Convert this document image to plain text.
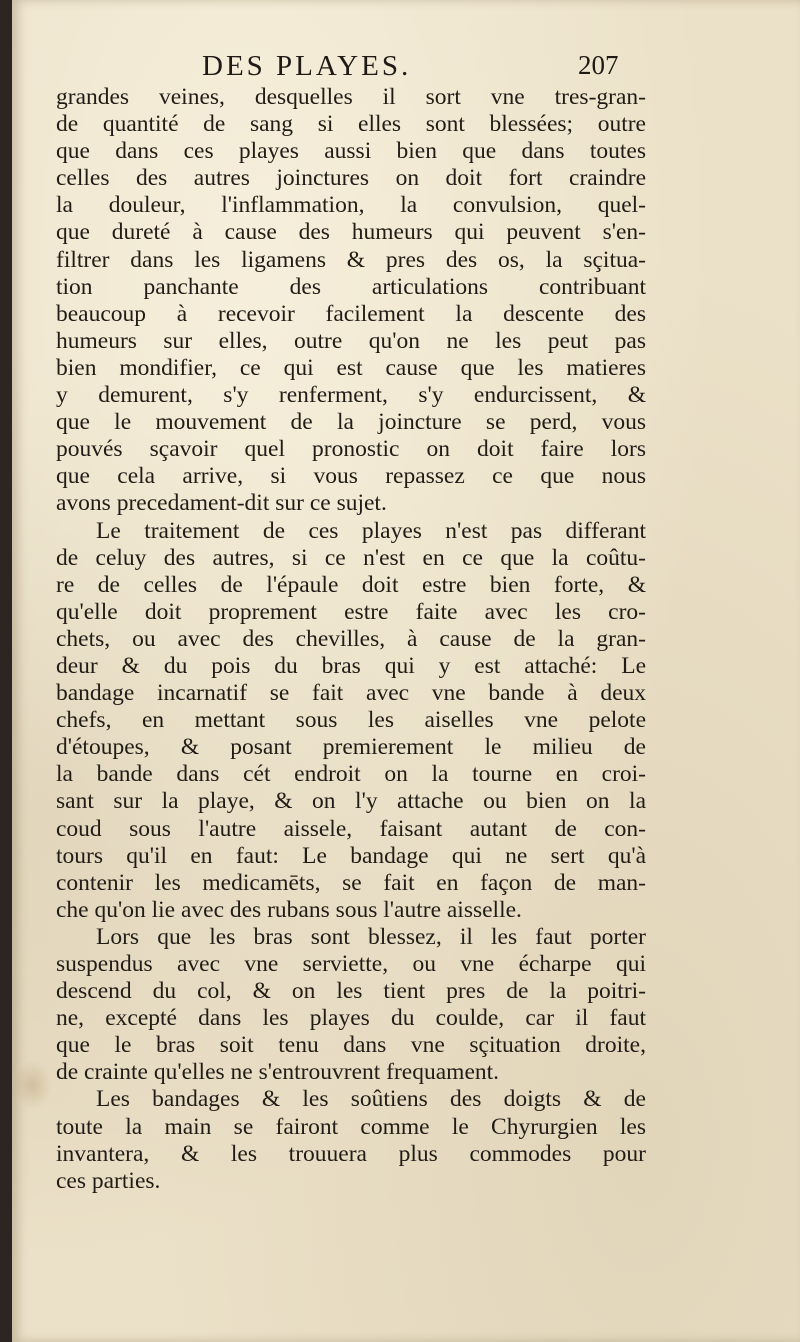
DES PLAYES.	207
grandes veines, desquelles il sort vne tres-gran-
de quantité de sang si elles sont blessées; outre
que dans ces playes aussi bien que dans toutes
celles des autres joinctures on doit fort craindre
la douleur, l'inflammation, la convulsion, quel-
que dureté à cause des humeurs qui peuvent s'en-
filtrer dans les ligamens & pres des os, la sçitua-
tion panchante des articulations contribuant
beaucoup à recevoir facilement la descente des
humeurs sur elles, outre qu'on ne les peut pas
bien mondifier, ce qui est cause que les matieres
y demurent, s'y renferment, s'y endurcissent, &
que le mouvement de la joincture se perd, vous
pouvés sçavoir quel pronostic on doit faire lors
que cela arrive, si vous repassez ce que nous
avons precedament-dit sur ce sujet.
Le traitement de ces playes n'est pas differant
de celuy des autres, si ce n'est en ce que la coûtu-
re de celles de l'épaule doit estre bien forte, &
qu'elle doit proprement estre faite avec les cro-
chets, ou avec des chevilles, à cause de la gran-
deur & du pois du bras qui y est attaché: Le
bandage incarnatif se fait avec vne bande à deux
chefs, en mettant sous les aiselles vne pelote
d'étoupes, & posant premierement le milieu de
la bande dans cét endroit on la tourne en croi-
sant sur la playe, & on l'y attache ou bien on la
coud sous l'autre aissele, faisant autant de con-
tours qu'il en faut: Le bandage qui ne sert qu'à
contenir les medicamēts, se fait en façon de man-
che qu'on lie avec des rubans sous l'autre aisselle.
Lors que les bras sont blessez, il les faut porter
suspendus avec vne serviette, ou vne écharpe qui
descend du col, & on les tient pres de la poitri-
ne, excepté dans les playes du coulde, car il faut
que le bras soit tenu dans vne sçituation droite,
de crainte qu'elles ne s'entrouvrent frequament.
Les bandages & les soûtiens des doigts & de
toute la main se fairont comme le Chyrurgien les
invantera, & les trouuera plus commodes pour
ces parties.
